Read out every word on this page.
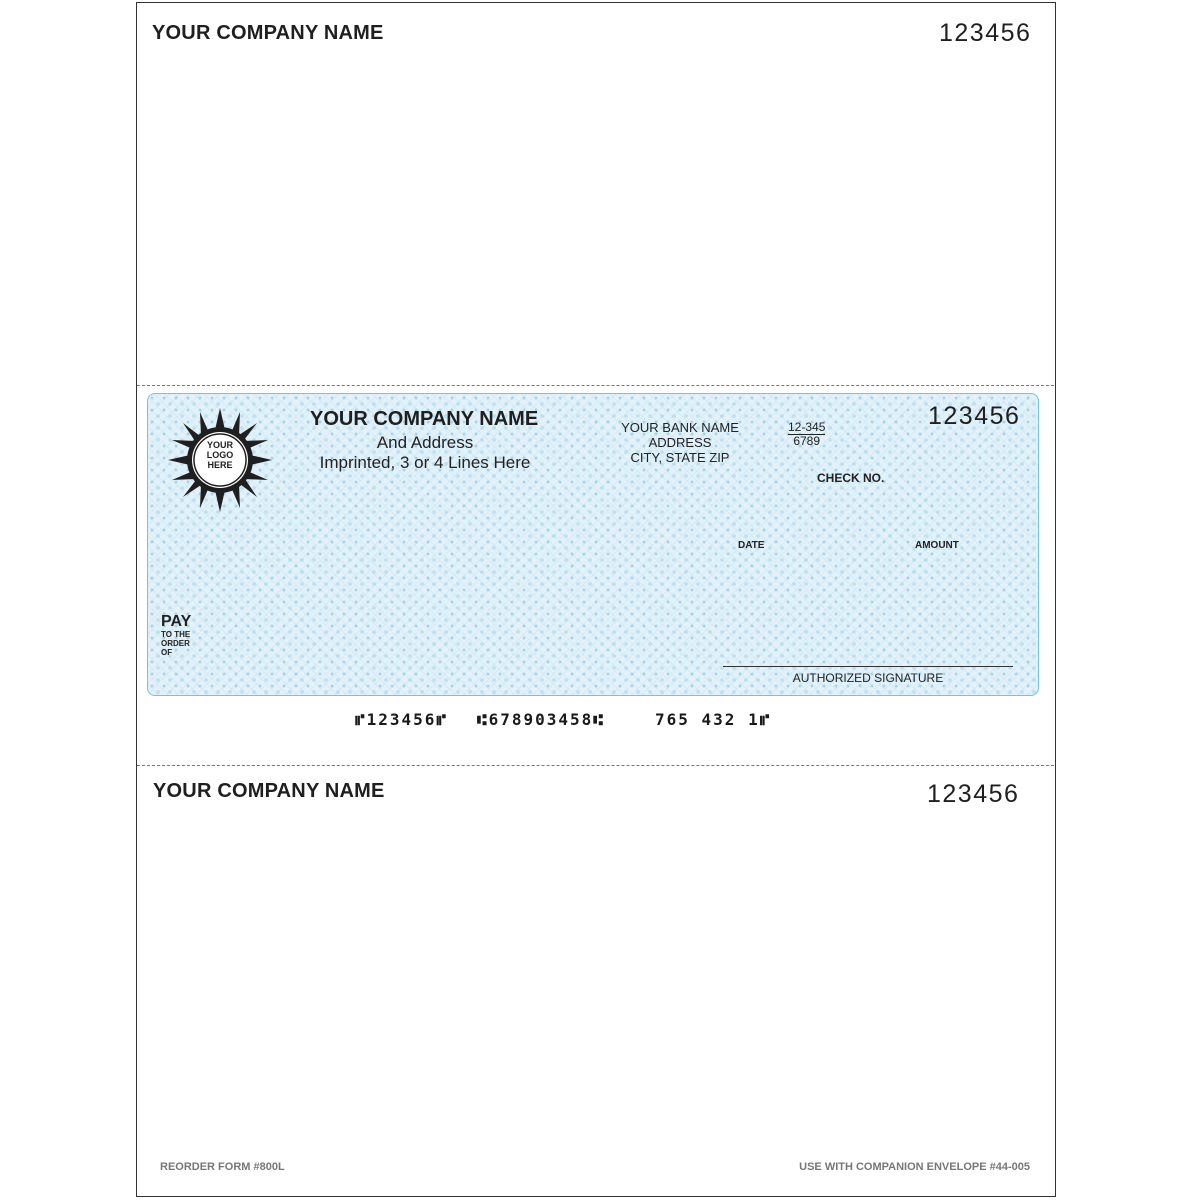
YOUR COMPANY NAME	123456
YOUR
LOGO
HERE
YOUR COMPANY NAME
And Address
Imprinted, 3 or 4 Lines Here
YOUR BANK NAME
ADDRESS
CITY, STATE ZIP
$\frac{12-345}{6789}$
123456
CHECK NO.
DATE	AMOUNT
PAY
TO THE
ORDER
OF
AUTHORIZED SIGNATURE
⑈123456⑈ ⑆678903458⑆	765 432 1⑈
YOUR COMPANY NAME	123456
REORDER FORM #800L	USE WITH COMPANION ENVELOPE #44-005
